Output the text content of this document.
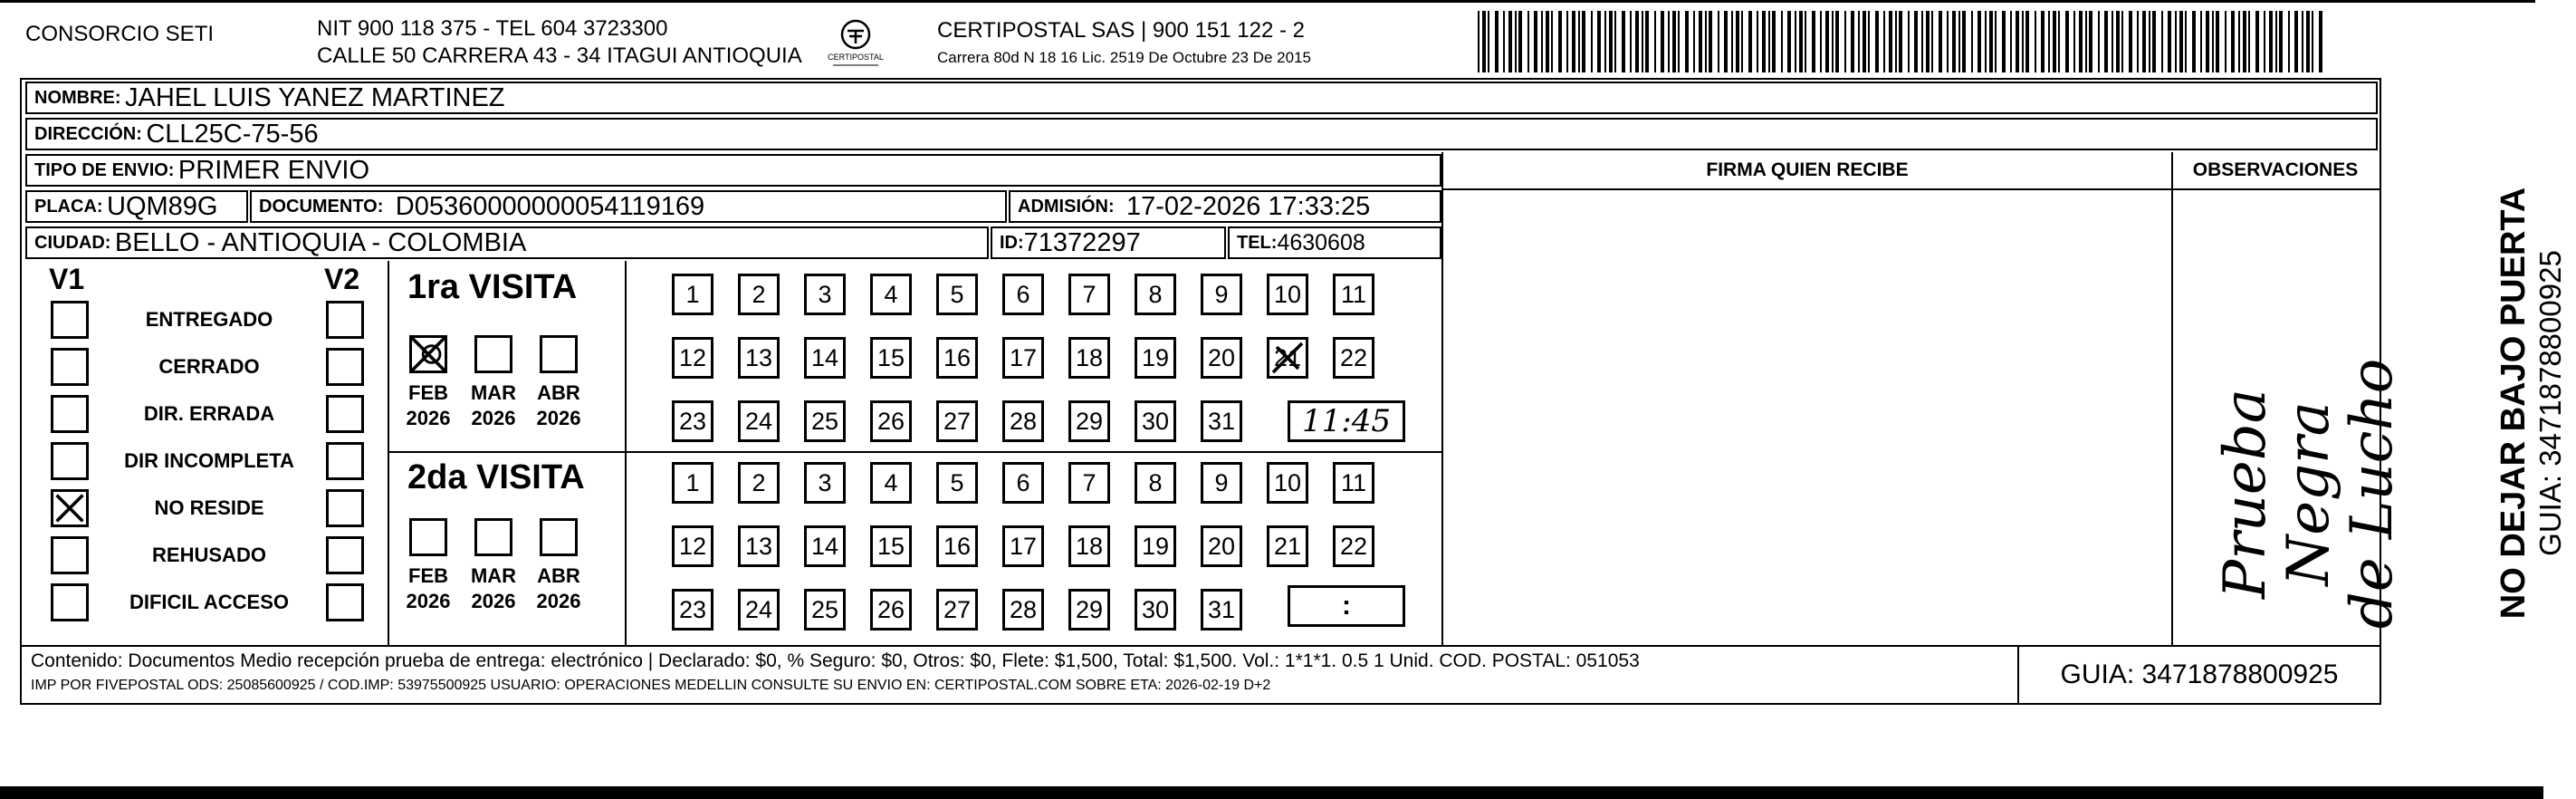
CONSORCIO SETI	NIT 900 118 375 - TEL 604 3723300
CALLE 50 CARRERA 43 - 34 ITAGUI ANTIOQUIA	CERTIPOSTAL
CERTIPOSTAL SAS | 900 151 122 - 2
Carrera 80d N 18 16 Lic. 2519 De Octubre 23 De 2015
NOMBRE:
JAHEL LUIS YANEZ MARTINEZ
DIRECCIÓN:
CLL25C-75-56
TIPO DE ENVIO:
PRIMER ENVIO
PLACA:
UQM89G DOCUMENTO:
D05360000000054119169	ADMISIÓN:
17-02-2026 17:33:25
CIUDAD:
BELLO - ANTIOQUIA - COLOMBIA	ID: 71372297	TEL: 4630608
FIRMA QUIEN RECIBE	OBSERVACIONES
Prueba Negra
de Lucho
V1	V2 1ra VISITA
11:45
2da VISITA
:
Contenido: Documentos Medio recepción prueba de entrega: electrónico | Declarado: $0, % Seguro: $0, Otros: $0, Flete: $1,500, Total: $1,500. Vol.: 1*1*1. 0.5 1 Unid. COD. POSTAL: 051053
IMP POR FIVEPOSTAL ODS: 25085600925 / COD.IMP: 53975500925 USUARIO: OPERACIONES MEDELLIN CONSULTE SU ENVIO EN: CERTIPOSTAL.COM SOBRE ETA: 2026-02-19 D+2	GUIA: 3471878800925
NO DEJAR BAJO PUERTA GUIA: 3471878800925
ENTREGADO
CERRADO
DIR. ERRADA
DIR INCOMPLETA
NO RESIDE
REHUSADO
DIFICIL ACCESO
FEB
2026
MAR
2026
ABR
2026
FEB
2026
MAR
2026
ABR
2026
1	2	3	4	5	6	7	8	9	10	11
12 13 14 15 16 17 18 19 20 21 22
23 24 25 26 27 28 29 30 31
1	2	3	4	5	6	7	8	9	10	11
12 13 14 15 16 17 18 19 20 21 22
23 24 25 26 27 28 29 30 31
